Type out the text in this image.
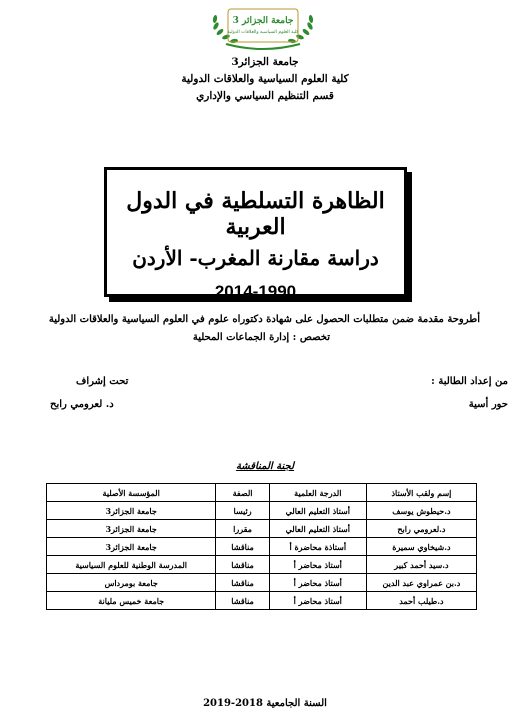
جامعة الجزائر 3
كلية العلوم السياسية والعلاقات الدولية
جامعة الجزائر3
كلية العلوم السياسية والعلاقات الدولية
قسم التنظيم السياسي والإداري
الظاهرة التسلطية في الدول العربية
دراسة مقارنة المغرب- الأردن
2014-1990
أطروحة مقدمة ضمن متطلبات الحصول على شهادة دكتوراه علوم في العلوم السياسية والعلاقات الدولية
تخصص : إدارة الجماعات المحلية
من إعداد الطالبة :
حور أسية
تحت إشراف
د. لعرومي رابح
لجنة المناقشة
إسم ولقب الأستاذ	الدرجة العلمية	الصفة	المؤسسة الأصلية
د.حيطوش يوسف	أستاذ التعليم العالي	رئيسا	جامعة الجزائر3
د.لعرومي رابح	أستاذ التعليم العالي	مقررا	جامعة الجزائر3
د.شيخاوي سميرة	أستاذة محاضرة أ	مناقشا	جامعة الجزائر3
د.سيد أحمد كبير	أستاذ محاضر أ	مناقشا	المدرسة الوطنية للعلوم السياسية
د.بن عمراوي عبد الدين	أستاذ محاضر أ	مناقشا	جامعة بومرداس
د.طيلب أحمد	أستاذ محاضر أ	مناقشا	جامعة خميس مليانة
السنة الجامعية 2018-2019
